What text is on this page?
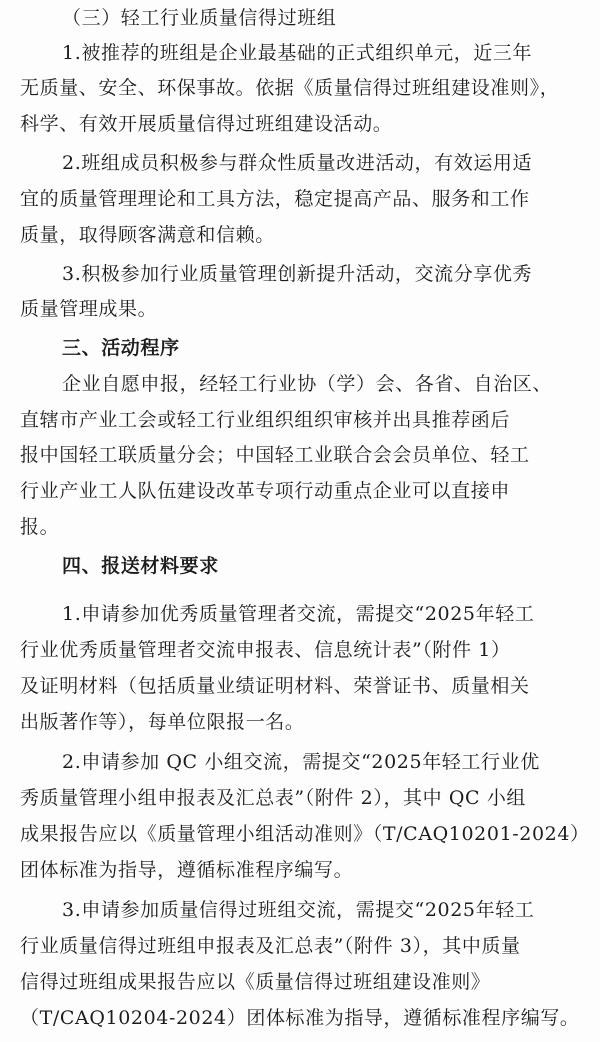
（三）轻工行业质量信得过班组
1.被推荐的班组是企业最基础的正式组织单元，近三年
无质量、安全、环保事故。依据《质量信得过班组建设准则》，
科学、有效开展质量信得过班组建设活动。
2.班组成员积极参与群众性质量改进活动，有效运用适
宜的质量管理理论和工具方法，稳定提高产品、服务和工作
质量，取得顾客满意和信赖。
3.积极参加行业质量管理创新提升活动，交流分享优秀
质量管理成果。
三、活动程序
企业自愿申报，经轻工行业协（学）会、各省、自治区、
直辖市产业工会或轻工行业组织组织审核并出具推荐函后
报中国轻工联质量分会；中国轻工业联合会会员单位、轻工
行业产业工人队伍建设改革专项行动重点企业可以直接申
报。
四、报送材料要求
1.申请参加优秀质量管理者交流，需提交“2025年轻工
行业优秀质量管理者交流申报表、信息统计表”（附件 1）
及证明材料（包括质量业绩证明材料、荣誉证书、质量相关
出版著作等），每单位限报一名。
2.申请参加 QC 小组交流，需提交“2025年轻工行业优
秀质量管理小组申报表及汇总表”（附件 2），其中 QC 小组
成果报告应以《质量管理小组活动准则》（T/CAQ10201-2024）
团体标准为指导，遵循标准程序编写。
3.申请参加质量信得过班组交流，需提交“2025年轻工
行业质量信得过班组申报表及汇总表”（附件 3），其中质量
信得过班组成果报告应以《质量信得过班组建设准则》
（T/CAQ10204-2024）团体标准为指导，遵循标准程序编写。
